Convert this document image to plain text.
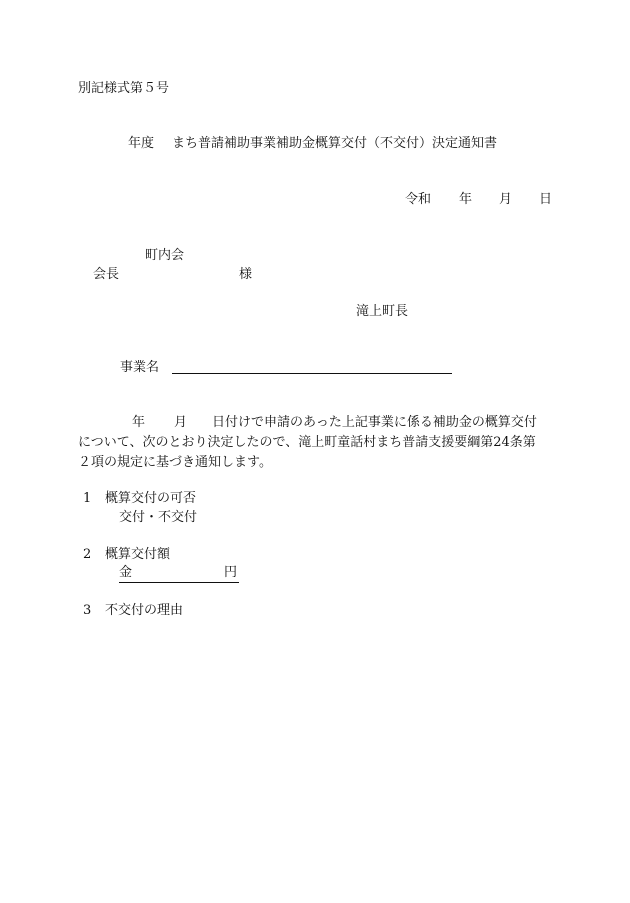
別記様式第５号
年度 まち普請補助事業補助金概算交付（不交付）決定通知書
令和 年 月 日
町内会
会長	様
滝上町長
事業名
年 月 日付けで申請のあった上記事業に係る補助金の概算交付
について、次のとおり決定したので、滝上町童話村まち普請支援要綱第24条第
２項の規定に基づき通知します。
1 概算交付の可否
交付・不交付
2 概算交付額
金	円
3 不交付の理由
